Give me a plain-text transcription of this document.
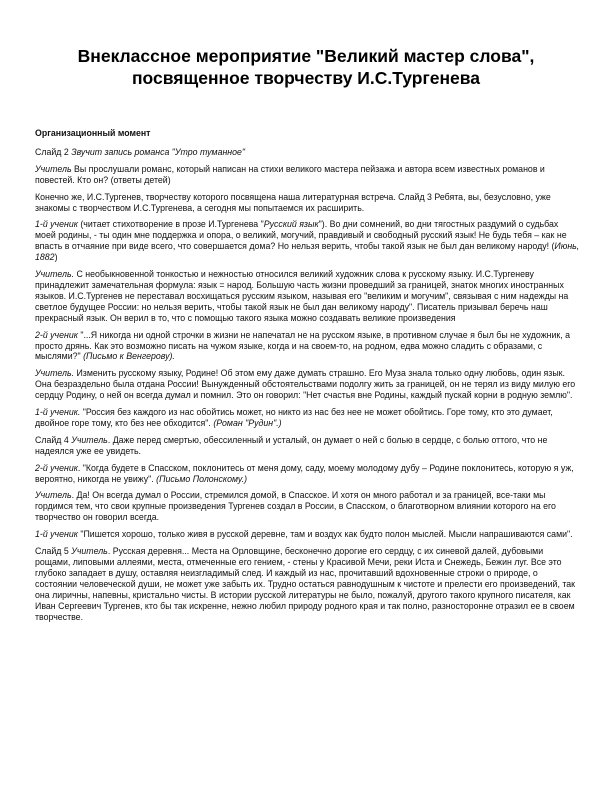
Внеклассное мероприятие "Великий мастер слова",
посвященное творчеству И.С.Тургенева

Организационный момент

Слайд 2 Звучит запись романса "Утро туманное"

Учитель Вы прослушали романс, который написан на стихи великого мастера пейзажа и автора всем известных романов и повестей. Кто он? (ответы детей)

Конечно же, И.С.Тургенев, творчеству которого посвящена наша литературная встреча. Слайд 3 Ребята, вы, безусловно, уже знакомы с творчеством И.С.Тургенева, а сегодня мы попытаемся их расширить.

1-й ученик (читает стихотворение в прозе И.Тургенева "Русский язык"). Во дни сомнений, во дни тягостных раздумий о судьбах моей родины, - ты один мне поддержка и опора, о великий, могучий, правдивый и свободный русский язык! Не будь тебя – как не впасть в отчаяние при виде всего, что совершается дома? Но нельзя верить, чтобы такой язык не был дан великому народу! (Июнь, 1882)

Учитель. С необыкновенной тонкостью и нежностью относился великий художник слова к русскому языку. И.С.Тургеневу принадлежит замечательная формула: язык = народ. Большую часть жизни проведший за границей, знаток многих иностранных языков. И.С.Тургенев не переставал восхищаться русским языком, называя его "великим и могучим", связывая с ним надежды на светлое будущее России: но нельзя верить, чтобы такой язык не был дан великому народу". Писатель призывал беречь наш прекрасный язык. Он верил в то, что с помощью такого языка можно создавать великие произведения

2-й ученик "...Я никогда ни одной строчки в жизни не напечатал не на русском языке, в противном случае я был бы не художник, а просто дрянь. Как это возможно писать на чужом языке, когда и на своем-то, на родном, едва можно сладить с образами, с мыслями?" (Письмо к Венгерову).

Учитель. Изменить русскому языку, Родине! Об этом ему даже думать страшно. Его Муза знала только одну любовь, один язык. Она безраздельно была отдана России! Вынужденный обстоятельствами подолгу жить за границей, он не терял из виду милую его сердцу Родину, о ней он всегда думал и помнил. Это он говорил: "Нет счастья вне Родины, каждый пускай корни в родную землю".

1-й ученик. "Россия без каждого из нас обойтись может, но никто из нас без нее не может обойтись. Горе тому, кто это думает, двойное горе тому, кто без нее обходится". (Роман "Рудин".)

Слайд 4 Учитель. Даже перед смертью, обессиленный и усталый, он думает о ней с болью в сердце, с болью оттого, что не надеялся уже ее увидеть.

2-й ученик. "Когда будете в Спасском, поклонитесь от меня дому, саду, моему молодому дубу – Родине поклонитесь, которую я уж, вероятно, никогда не увижу". (Письмо Полонскому.)

Учитель. Да! Он всегда думал о России, стремился домой, в Спасское. И хотя он много работал и за границей, все-таки мы гордимся тем, что свои крупные произведения Тургенев создал в России, в Спасском, о благотворном влиянии которого на его творчество он говорил всегда.

1-й ученик "Пишется хорошо, только живя в русской деревне, там и воздух как будто полон мыслей. Мысли напрашиваются сами".

Слайд 5 Учитель. Русская деревня... Места на Орловщине, бесконечно дорогие его сердцу, с их синевой далей, дубовыми рощами, липовыми аллеями, места, отмеченные его гением, - стены у Красивой Мечи, реки Иста и Снежедь, Бежин луг. Все это глубоко западает в душу, оставляя неизгладимый след. И каждый из нас, прочитавший вдохновенные строки о природе, о состоянии человеческой души, не может уже забыть их. Трудно остаться равнодушным к чистоте и прелести его произведений, так она лиричны, напевны, кристально чисты. В истории русской литературы не было, пожалуй, другого такого крупного писателя, как Иван Сергеевич Тургенев, кто бы так искренне, нежно любил природу родного края и так полно, разносторонне отразил ее в своем творчестве.
